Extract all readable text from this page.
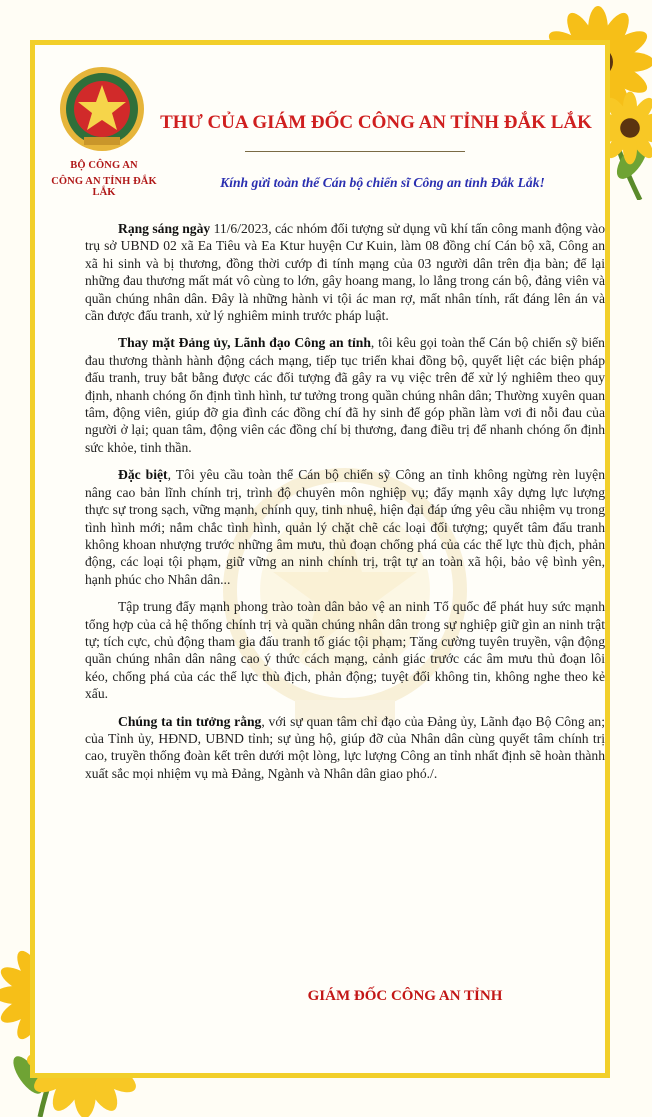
BỘ CÔNG AN
CÔNG AN TỈNH ĐẮK LẮK
THƯ CỦA GIÁM ĐỐC CÔNG AN TỈNH ĐẮK LẮK
Kính gửi toàn thể Cán bộ chiến sĩ Công an tỉnh Đắk Lắk!

Rạng sáng ngày 11/6/2023, các nhóm đối tượng sử dụng vũ khí tấn công manh động vào trụ sở UBND 02 xã Ea Tiêu và Ea Ktur huyện Cư Kuin, làm 08 đồng chí Cán bộ xã, Công an xã hi sinh và bị thương, đồng thời cướp đi tính mạng của 03 người dân trên địa bàn; để lại những đau thương mất mát vô cùng to lớn, gây hoang mang, lo lắng trong cán bộ, đảng viên và quần chúng nhân dân. Đây là những hành vi tội ác man rợ, mất nhân tính, rất đáng lên án và cần được đấu tranh, xử lý nghiêm minh trước pháp luật.

Thay mặt Đảng ủy, Lãnh đạo Công an tỉnh, tôi kêu gọi toàn thể Cán bộ chiến sỹ biến đau thương thành hành động cách mạng, tiếp tục triển khai đồng bộ, quyết liệt các biện pháp đấu tranh, truy bắt bằng được các đối tượng đã gây ra vụ việc trên để xử lý nghiêm theo quy định, nhanh chóng ổn định tình hình, tư tưởng trong quần chúng nhân dân; Thường xuyên quan tâm, động viên, giúp đỡ gia đình các đồng chí đã hy sinh để góp phần làm vơi đi nỗi đau của người ở lại; quan tâm, động viên các đồng chí bị thương, đang điều trị để nhanh chóng ổn định sức khỏe, tinh thần.

Đặc biệt, Tôi yêu cầu toàn thể Cán bộ chiến sỹ Công an tỉnh không ngừng rèn luyện nâng cao bản lĩnh chính trị, trình độ chuyên môn nghiệp vụ; đẩy mạnh xây dựng lực lượng thực sự trong sạch, vững mạnh, chính quy, tinh nhuệ, hiện đại đáp ứng yêu cầu nhiệm vụ trong tình hình mới; nắm chắc tình hình, quản lý chặt chẽ các loại đối tượng; quyết tâm đấu tranh không khoan nhượng trước những âm mưu, thủ đoạn chống phá của các thế lực thù địch, phản động, các loại tội phạm, giữ vững an ninh chính trị, trật tự an toàn xã hội, bảo vệ bình yên, hạnh phúc cho Nhân dân...

Tập trung đẩy mạnh phong trào toàn dân bảo vệ an ninh Tổ quốc để phát huy sức mạnh tổng hợp của cả hệ thống chính trị và quần chúng nhân dân trong sự nghiệp giữ gìn an ninh trật tự; tích cực, chủ động tham gia đấu tranh tố giác tội phạm; Tăng cường tuyên truyền, vận động quần chúng nhân dân nâng cao ý thức cách mạng, cảnh giác trước các âm mưu thủ đoạn lôi kéo, chống phá của các thế lực thù địch, phản động; tuyệt đối không tin, không nghe theo kẻ xấu.

Chúng ta tin tưởng rằng, với sự quan tâm chỉ đạo của Đảng ủy, Lãnh đạo Bộ Công an; của Tỉnh ủy, HĐND, UBND tỉnh; sự ủng hộ, giúp đỡ của Nhân dân cùng quyết tâm chính trị cao, truyền thống đoàn kết trên dưới một lòng, lực lượng Công an tỉnh nhất định sẽ hoàn thành xuất sắc mọi nhiệm vụ mà Đảng, Ngành và Nhân dân giao phó./.

GIÁM ĐỐC CÔNG AN TỈNH
